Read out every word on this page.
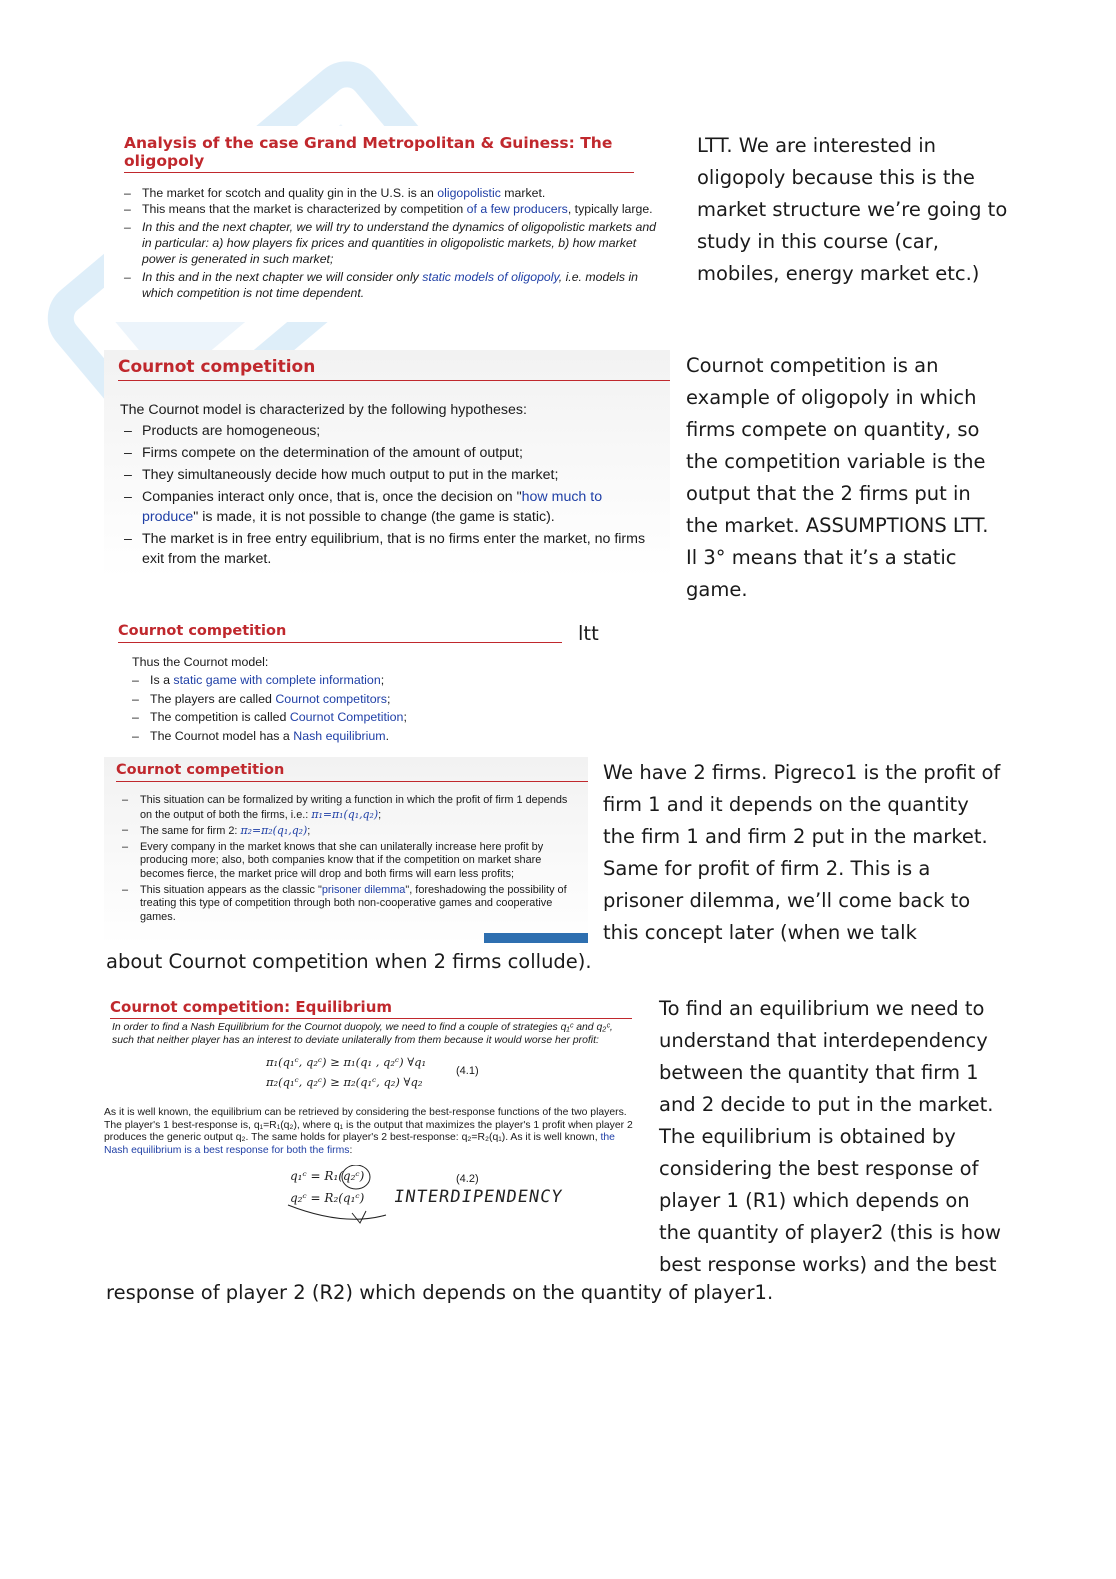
Analysis of the case Grand Metropolitan & Guiness: The oligopoly
– The market for scotch and quality gin in the U.S. is an oligopolistic market.
– This means that the market is characterized by competition of a few producers, typically large.
– In this and the next chapter, we will try to understand the dynamics of oligopolistic markets and in particular: a) how players fix prices and quantities in oligopolistic markets, b) how market power is generated in such market;
– In this and in the next chapter we will consider only static models of oligopoly, i.e. models in which competition is not time dependent.
LTT. We are interested in oligopoly because this is the market structure we’re going to study in this course (car, mobiles, energy market etc.)
Cournot competition
The Cournot model is characterized by the following hypotheses:
– Products are homogeneous;
– Firms compete on the determination of the amount of output;
– They simultaneously decide how much output to put in the market;
– Companies interact only once, that is, once the decision on "how much to produce" is made, it is not possible to change (the game is static).
– The market is in free entry equilibrium, that is no firms enter the market, no firms exit from the market.
Cournot competition is an example of oligopoly in which firms compete on quantity, so the competition variable is the output that the 2 firms put in the market. ASSUMPTIONS LTT. Il 3° means that it’s a static game.
Cournot competition
Thus the Cournot model:
– Is a static game with complete information;
– The players are called Cournot competitors;
– The competition is called Cournot Competition;
– The Cournot model has a Nash equilibrium.
ltt
Cournot competition
– This situation can be formalized by writing a function in which the profit of firm 1 depends on the output of both the firms, i.e.: π₁=π₁(q₁,q₂);
– The same for firm 2: π₂=π₂(q₁,q₂);
– Every company in the market knows that she can unilaterally increase here profit by producing more; also, both companies know that if the competition on market share becomes fierce, the market price will drop and both firms will earn less profits;
– This situation appears as the classic "prisoner dilemma", foreshadowing the possibility of treating this type of competition through both non-cooperative games and cooperative games.
We have 2 firms. Pigreco1 is the profit of firm 1 and it depends on the quantity the firm 1 and firm 2 put in the market. Same for profit of firm 2. This is a prisoner dilemma, we’ll come back to this concept later (when we talk
about Cournot competition when 2 firms collude).
Cournot competition: Equilibrium
In order to find a Nash Equilibrium for the Cournot duopoly, we need to find a couple of strategies q₁ᶜ and q₂ᶜ, such that neither player has an interest to deviate unilaterally from them because it would worse her profit:
π₁(q₁ᶜ, q₂ᶜ) ≥ π₁(q₁ , q₂ᶜ) ∀q₁
π₂(q₁ᶜ, q₂ᶜ) ≥ π₂(q₁ᶜ, q₂) ∀q₂
(4.1)
As it is well known, the equilibrium can be retrieved by considering the best-response functions of the two players. The player's 1 best-response is, q₁=R₁(q₂), where q₁ is the output that maximizes the player's 1 profit when player 2 produces the generic output q₂. The same holds for player's 2 best-response: q₂=R₂(q₁). As it is well known, the Nash equilibrium is a best response for both the firms:
q₁ᶜ = R₁(q₂ᶜ)
q₂ᶜ = R₂(q₁ᶜ)
(4.2)
INTERDIPENDENCY
To find an equilibrium we need to understand that interdependency between the quantity that firm 1 and 2 decide to put in the market. The equilibrium is obtained by considering the best response of player 1 (R1) which depends on the quantity of player2 (this is how best response works) and the best
response of player 2 (R2) which depends on the quantity of player1.
